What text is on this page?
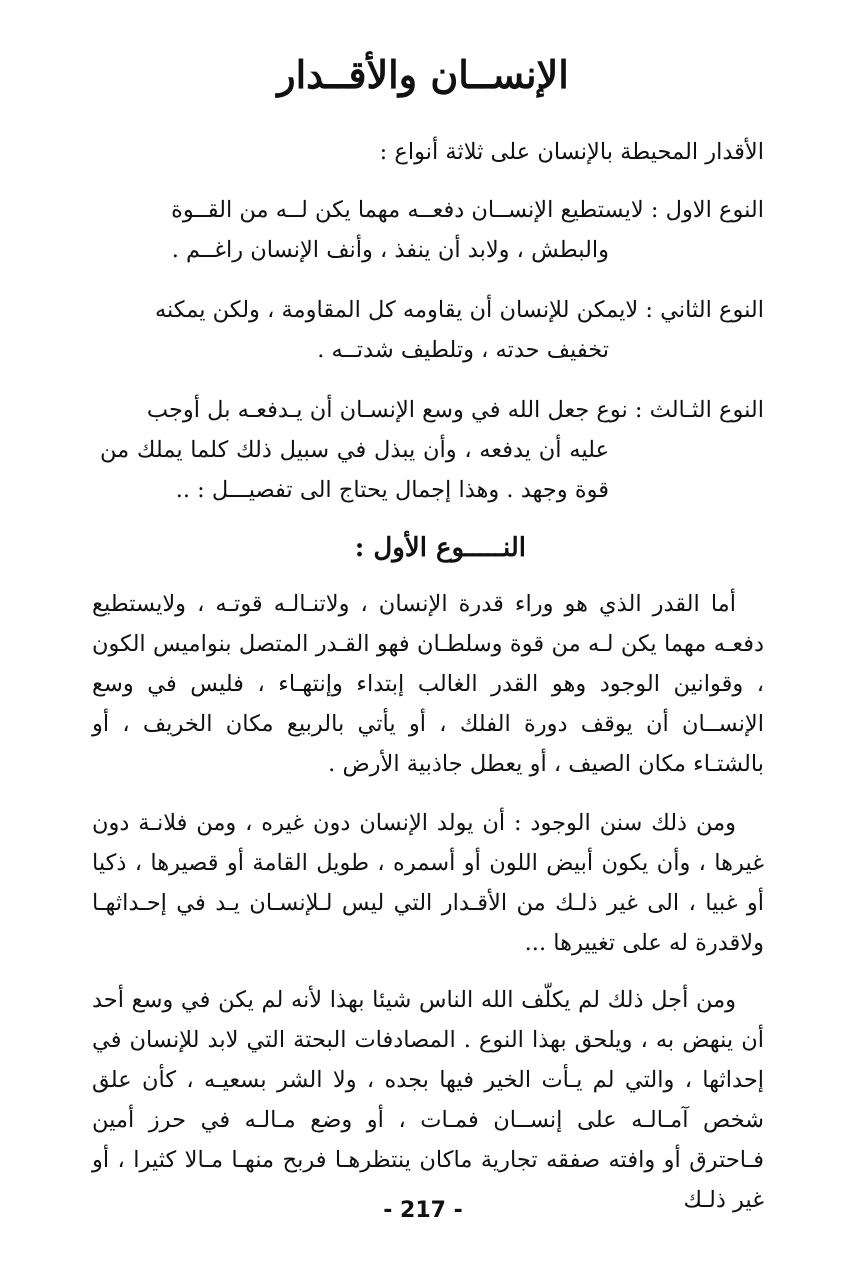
الإنســان والأقــدار
الأقدار المحيطة بالإنسان على ثلاثة أنواع :
النوع الاول : لايستطيع الإنســان دفعــه مهما يكن لــه من القــوة
والبطش ، ولابد أن ينفذ ، وأنف الإنسان راغــم .
النوع الثاني : لايمكن للإنسان أن يقاومه كل المقاومة ، ولكن يمكنه
تخفيف حدته ، وتلطيف شدتــه .
النوع الثـالث : نوع جعل الله في وسع الإنسـان أن يـدفعـه بل أوجب
عليه أن يدفعه ، وأن يبذل في سبيل ذلك كلما يملك من قوة وجهد . وهذا إجمال يحتاج الى تفصيـــل : ..
النـــــوع الأول :
أما القدر الذي هو وراء قدرة الإنسان ، ولاتنـالـه قوتـه ، ولايستطيع دفعـه مهما يكن لـه من قوة وسلطـان فهو القـدر المتصل بنواميس الكون ، وقوانين الوجود وهو القدر الغالب إبتداء وإنتهـاء ، فليس في وسع الإنســان أن يوقف دورة الفلك ، أو يأتي بالربيع مكان الخريف ، أو بالشتـاء مكان الصيف ، أو يعطل جاذبية الأرض .
ومن ذلك سنن الوجود : أن يولد الإنسان دون غيره ، ومن فلانـة دون غيرها ، وأن يكون أبيض اللون أو أسمره ، طويل القامة أو قصيرها ، ذكيا أو غبيا ، الى غير ذلـك من الأقـدار التي ليس لـلإنسـان يـد في إحـداثهـا ولاقدرة له على تغييرها ...
ومن أجل ذلك لم يكلّف الله الناس شيئا بهذا لأنه لم يكن في وسع أحد أن ينهض به ، ويلحق بهذا النوع . المصادفات البحتة التي لابد للإنسان في إحداثها ، والتي لم يـأت الخير فيها بجده ، ولا الشر بسعيـه ، كأن علق شخص آمـالـه على إنســان فمـات ، أو وضع مـالـه في حرز أمين فـاحترق أو وافته صفقه تجارية ماكان ينتظرهـا فربح منهـا مـالا كثيرا ، أو غير ذلـك
- 217 -
